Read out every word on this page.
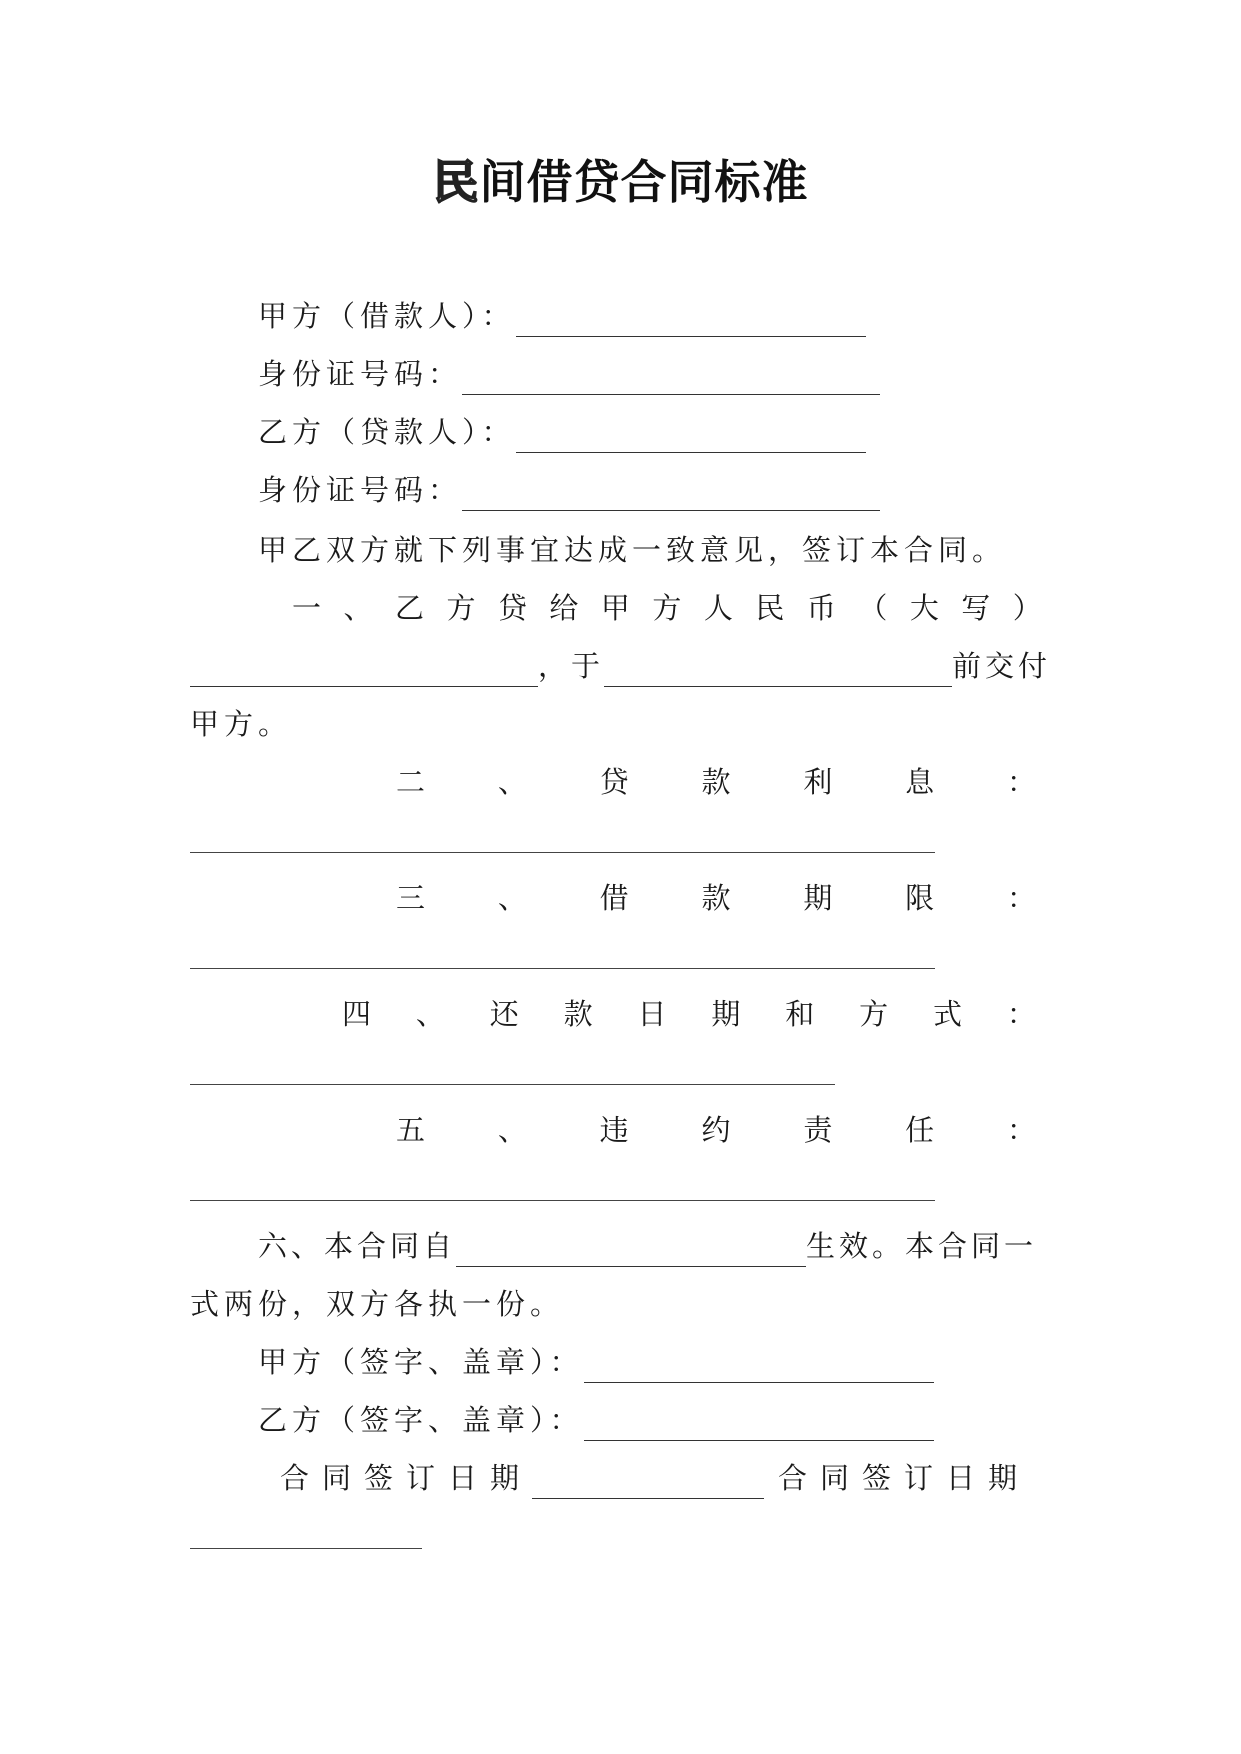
民间借贷合同标准
甲方（借款人）：
身份证号码：
乙方（贷款人）：
身份证号码：
甲乙双方就下列事宜达成一致意见，签订本合同。
一 、 乙 方 贷 给 甲 方 人 民 币 （ 大 写 ）
，于	前交付
甲方。
二	、	贷	款	利	息	：
三	、	借	款	期	限	：
四 、 还 款 日 期 和 方 式 ：
五	、	违	约	责	任	：
六、本合同自	生效。本合同一
式两份，双方各执一份。
甲方（签字、盖章）：
乙方（签字、盖章）：
合同签订日期	合同签订日期
